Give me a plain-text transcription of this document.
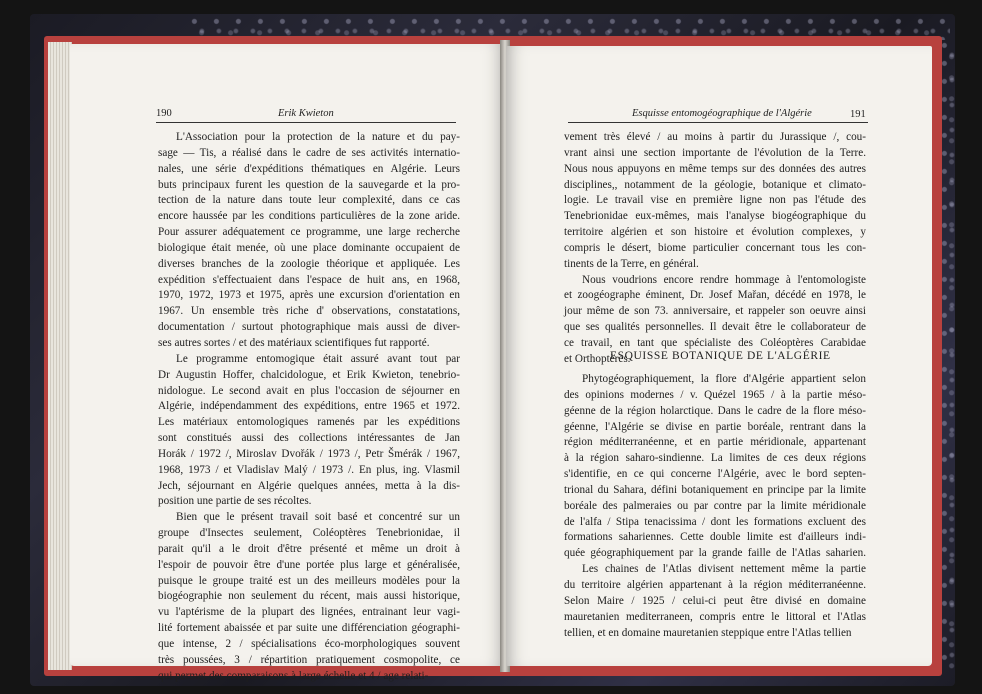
190	Erik Kwieton
L'Association pour la protection de la nature et du pay-
sage — Tis, a réalisé dans le cadre de ses activités internatio-
nales, une série d'expéditions thématiques en Algérie. Leurs
buts principaux furent les question de la sauvegarde et la pro-
tection de la nature dans toute leur complexité, dans ce cas
encore haussée par les conditions particulières de la zone aride.
Pour assurer adéquatement ce programme, une large recherche
biologique était menée, où une place dominante occupaient de
diverses branches de la zoologie théorique et appliquée. Les
expédition s'effectuaient dans l'espace de huit ans, en 1968,
1970, 1972, 1973 et 1975, après une excursion d'orientation en
1967. Un ensemble très riche d' observations, constatations,
documentation / surtout photographique mais aussi de diver-
ses autres sortes / et des matériaux scientifiques fut rapporté.
Le programme entomogique était assuré avant tout par
Dr Augustin Hoffer, chalcidologue, et Erik Kwieton, tenebrio-
nidologue. Le second avait en plus l'occasion de séjourner en
Algérie, indépendamment des expéditions, entre 1965 et 1972.
Les matériaux entomologiques ramenés par les expéditions
sont constitués aussi des collections intéressantes de Jan
Horák / 1972 /, Miroslav Dvořák / 1973 /, Petr Šmérák / 1967,
1968, 1973 / et Vladislav Malý / 1973 /. En plus, ing. Vlasmil
Jech, séjournant en Algérie quelques années, metta à la dis-
position une partie de ses récoltes.
Bien que le présent travail soit basé et concentré sur un
groupe d'Insectes seulement, Coléoptères Tenebrionidae, il
parait qu'il a le droit d'être présenté et même un droit à
l'espoir de pouvoir être d'une portée plus large et généralisée,
puisque le groupe traité est un des meilleurs modèles pour la
biogéographie non seulement du récent, mais aussi historique,
vu l'aptérisme de la plupart des lignées, entrainant leur vagi-
lité fortement abaissée et par suite une différenciation géographi-
que intense, 2 / spécialisations éco-morphologiques souvent
très poussées, 3 / répartition pratiquement cosmopolite, ce
qui permet des comparaisons à large échelle et 4 / age relati-
Esquisse entomogéographique de l'Algérie	191
vement très élevé / au moins à partir du Jurassique /, cou-
vrant ainsi une section importante de l'évolution de la Terre.
Nous nous appuyons en même temps sur des données des autres
disciplines,, notamment de la géologie, botanique et climato-
logie. Le travail vise en première ligne non pas l'étude des
Tenebrionidae eux-mêmes, mais l'analyse biogéographique du
territoire algérien et son histoire et évolution complexes, y
compris le désert, biome particulier concernant tous les con-
tinents de la Terre, en général.
Nous voudrions encore rendre hommage à l'entomologiste
et zoogéographe éminent, Dr. Josef Mařan, décédé en 1978, le
jour même de son 73. anniversaire, et rappeler son oeuvre ainsi
que ses qualités personnelles. Il devait être le collaborateur de
ce travail, en tant que spécialiste des Coléoptères Carabidae
et Orthoptères.
ESQUISSE BOTANIQUE DE L'ALGÉRIE
Phytogéographiquement, la flore d'Algérie appartient selon
des opinions modernes / v. Quézel 1965 / à la partie méso-
géenne de la région holarctique. Dans le cadre de la flore méso-
géenne, l'Algérie se divise en partie boréale, rentrant dans la
région méditerranéenne, et en partie méridionale, appartenant
à la région saharo-sindienne. La limites de ces deux régions
s'identifie, en ce qui concerne l'Algérie, avec le bord septen-
trional du Sahara, défini botaniquement en principe par la limite
boréale des palmeraies ou par contre par la limite méridionale
de l'alfa / Stipa tenacissima / dont les formations excluent des
formations sahariennes. Cette double limite est d'ailleurs indi-
quée géographiquement par la grande faille de l'Atlas saharien.
Les chaines de l'Atlas divisent nettement même la partie
du territoire algérien appartenant à la région méditerranéenne.
Selon Maire / 1925 / celui-ci peut être divisé en domaine
mauretanien mediterraneen, compris entre le littoral et l'Atlas
tellien, et en domaine mauretanien steppique entre l'Atlas tellien
